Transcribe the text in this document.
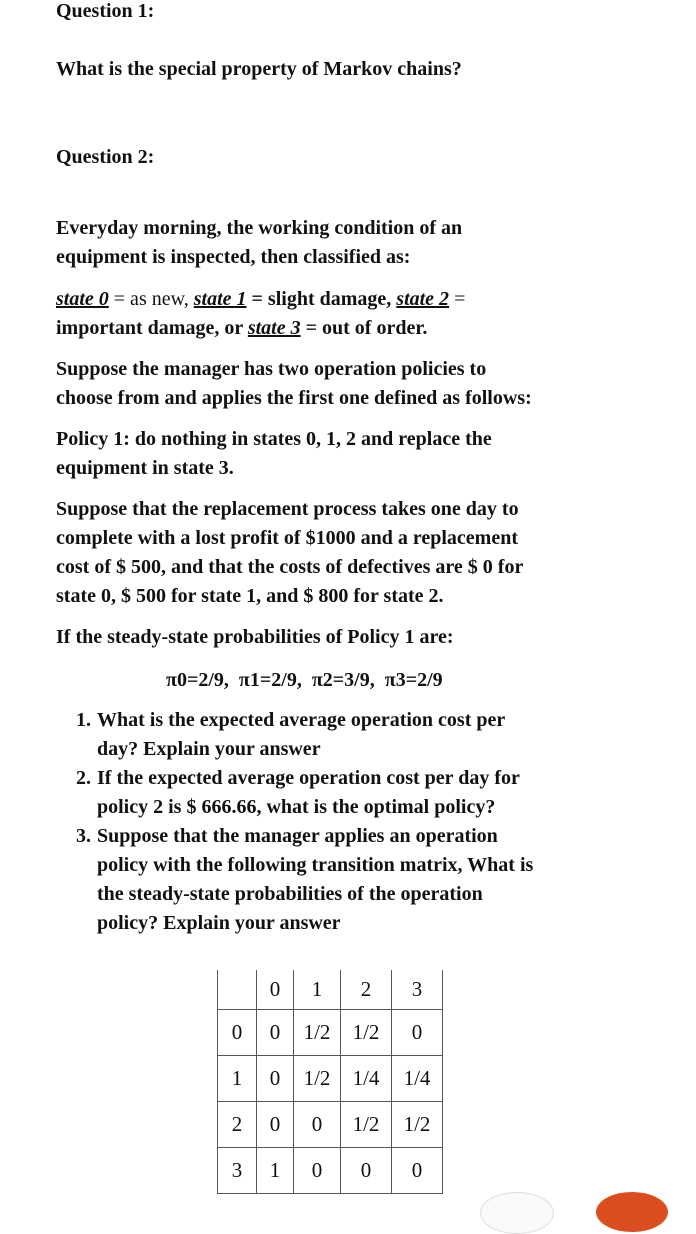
Question 1:

What is the special property of Markov chains?

Question 2:

Everyday morning, the working condition of an
equipment is inspected, then classified as:
state 0 = as new, state 1 = slight damage, state 2 =
important damage, or state 3 = out of order.
Suppose the manager has two operation policies to
choose from and applies the first one defined as follows:
Policy 1: do nothing in states 0, 1, 2 and replace the
equipment in state 3.
Suppose that the replacement process takes one day to
complete with a lost profit of $1000 and a replacement
cost of $ 500, and that the costs of defectives are $ 0 for
state 0, $ 500 for state 1, and $ 800 for state 2.

If the steady-state probabilities of Policy 1 are:

π0=2/9,  π1=2/9,  π2=3/9,  π3=2/9

1. What is the expected average operation cost per
day? Explain your answer
2. If the expected average operation cost per day for
policy 2 is $ 666.66, what is the optimal policy?
3. Suppose that the manager applies an operation
policy with the following transition matrix, What is
the steady-state probabilities of the operation
policy? Explain your answer
	0	1	2	3
0	0	1/2	1/2	0
1	0	1/2	1/4	1/4
2	0	0	1/2	1/2
3	1	0	0	0
